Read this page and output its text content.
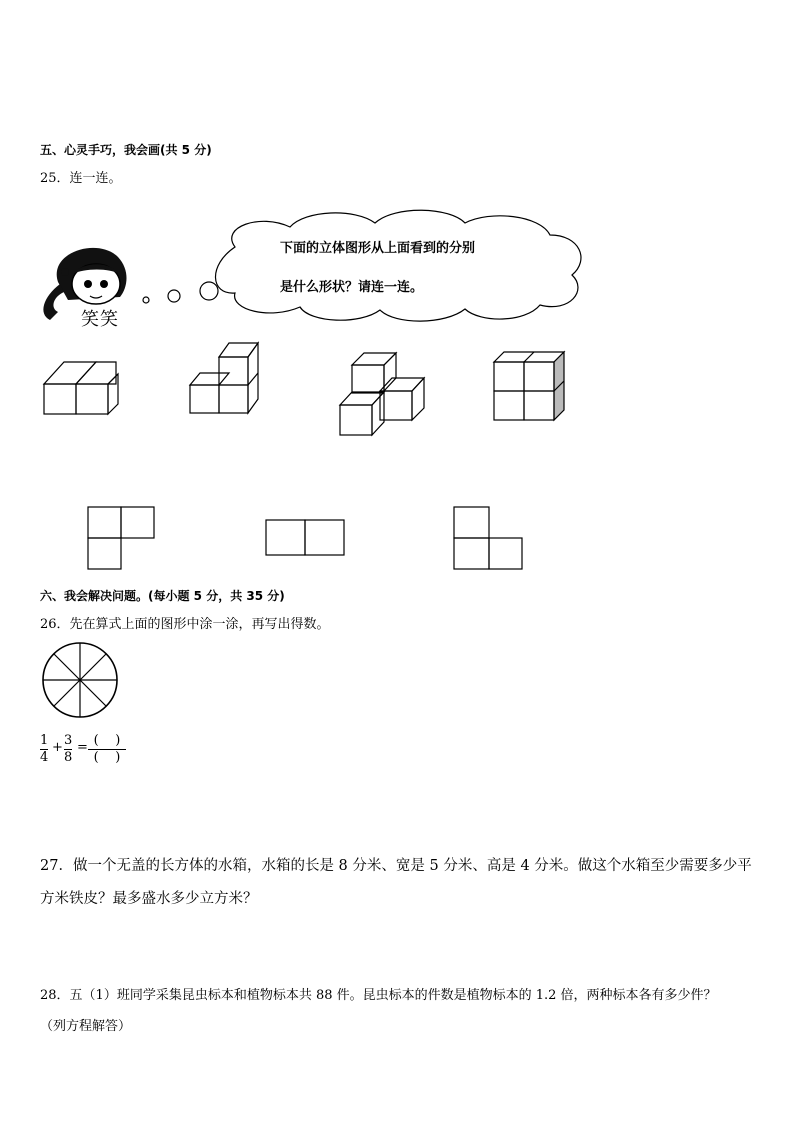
五、心灵手巧，我会画(共 5 分)
25．连一连。
下面的立体图形从上面看到的分别
是什么形状？请连一连。
笑笑
六、我会解决问题。(每小题 5 分，共 35 分)
26．先在算式上面的图形中涂一涂，再写出得数。
1
4
+ 3
8
= (    )
(    )
27．做一个无盖的长方体的水箱，水箱的长是 8 分米、宽是 5 分米、高是 4 分米。做这个水箱至少需要多少平方米铁皮？最多盛水多少立方米？
28．五（1）班同学采集昆虫标本和植物标本共 88 件。昆虫标本的件数是植物标本的 1.2 倍，两种标本各有多少件？
（列方程解答）
